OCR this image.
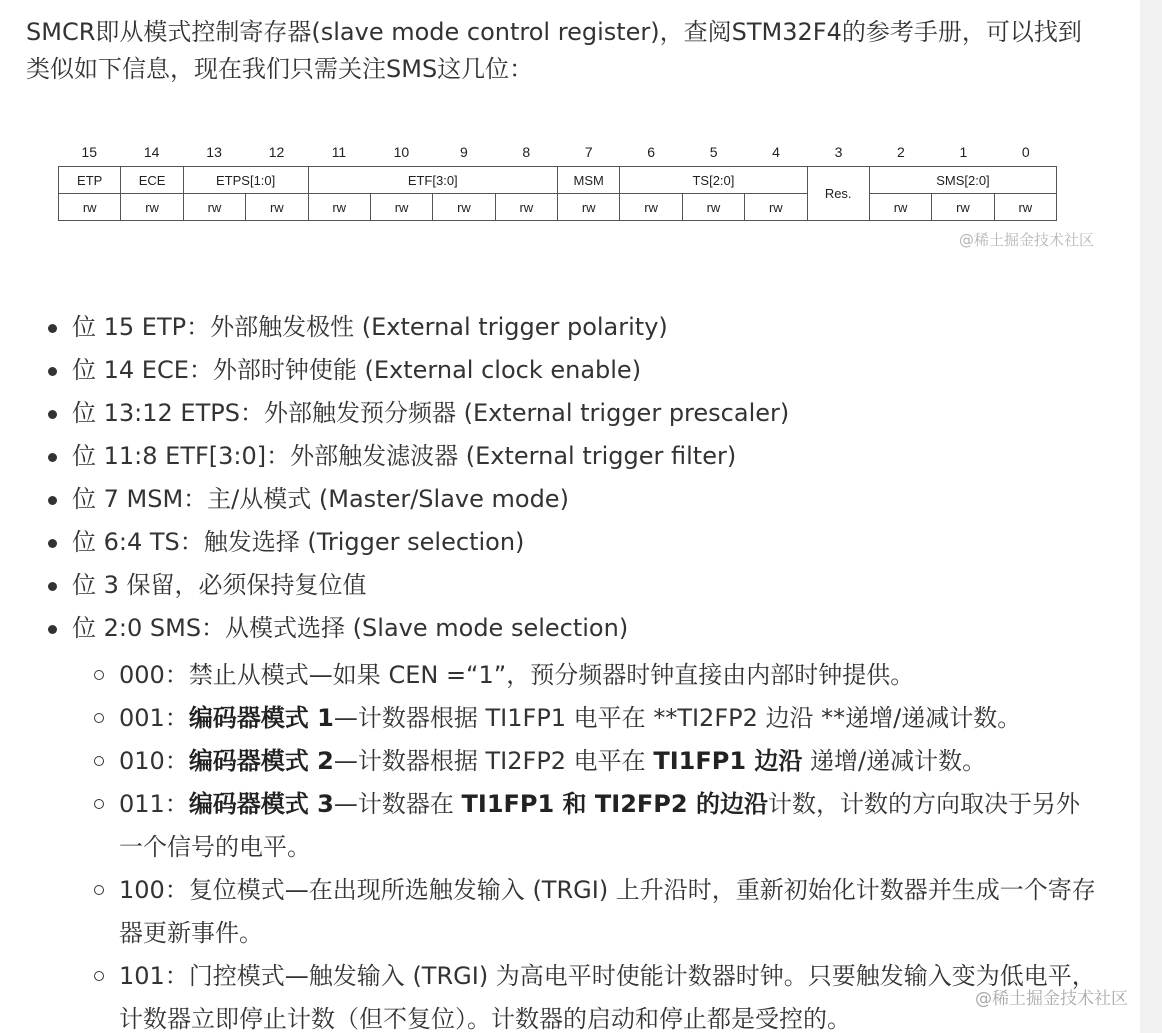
SMCR即从模式控制寄存器(slave mode control register)，查阅STM32F4的参考手册，可以找到
类似如下信息，现在我们只需关注SMS这几位：

15	14	13	12	11	10	9	8	7	6	5	4	3	2	1	0
ETP	ECE	ETPS[1:0]		ETF[3:0]				MSM	TS[2:0]			Res.	SMS[2:0]		
rw	rw	rw	rw	rw	rw	rw	rw	rw	rw	rw	rw		rw	rw	rw
@稀土掘金技术社区
位 15 ETP：外部触发极性 (External trigger polarity)
位 14 ECE：外部时钟使能 (External clock enable)
位 13:12 ETPS：外部触发预分频器 (External trigger prescaler)
位 11:8 ETF[3:0]：外部触发滤波器 (External trigger filter)
位 7 MSM：主/从模式 (Master/Slave mode)
位 6:4 TS：触发选择 (Trigger selection)
位 3 保留，必须保持复位值
位 2:0 SMS：从模式选择 (Slave mode selection)
000：禁止从模式—如果 CEN =“1”，预分频器时钟直接由内部时钟提供。
001：编码器模式 1—计数器根据 TI1FP1 电平在 **TI2FP2 边沿 **递增/递减计数。
010：编码器模式 2—计数器根据 TI2FP2 电平在 TI1FP1 边沿 递增/递减计数。
011：编码器模式 3—计数器在 TI1FP1 和 TI2FP2 的边沿计数，计数的方向取决于另外一个信号的电平。
100：复位模式—在出现所选触发输入 (TRGI) 上升沿时，重新初始化计数器并生成一个寄存器更新事件。
101：门控模式—触发输入 (TRGI) 为高电平时使能计数器时钟。只要触发输入变为低电平，计数器立即停止计数（但不复位）。计数器的启动和停止都是受控的。
@稀土掘金技术社区
